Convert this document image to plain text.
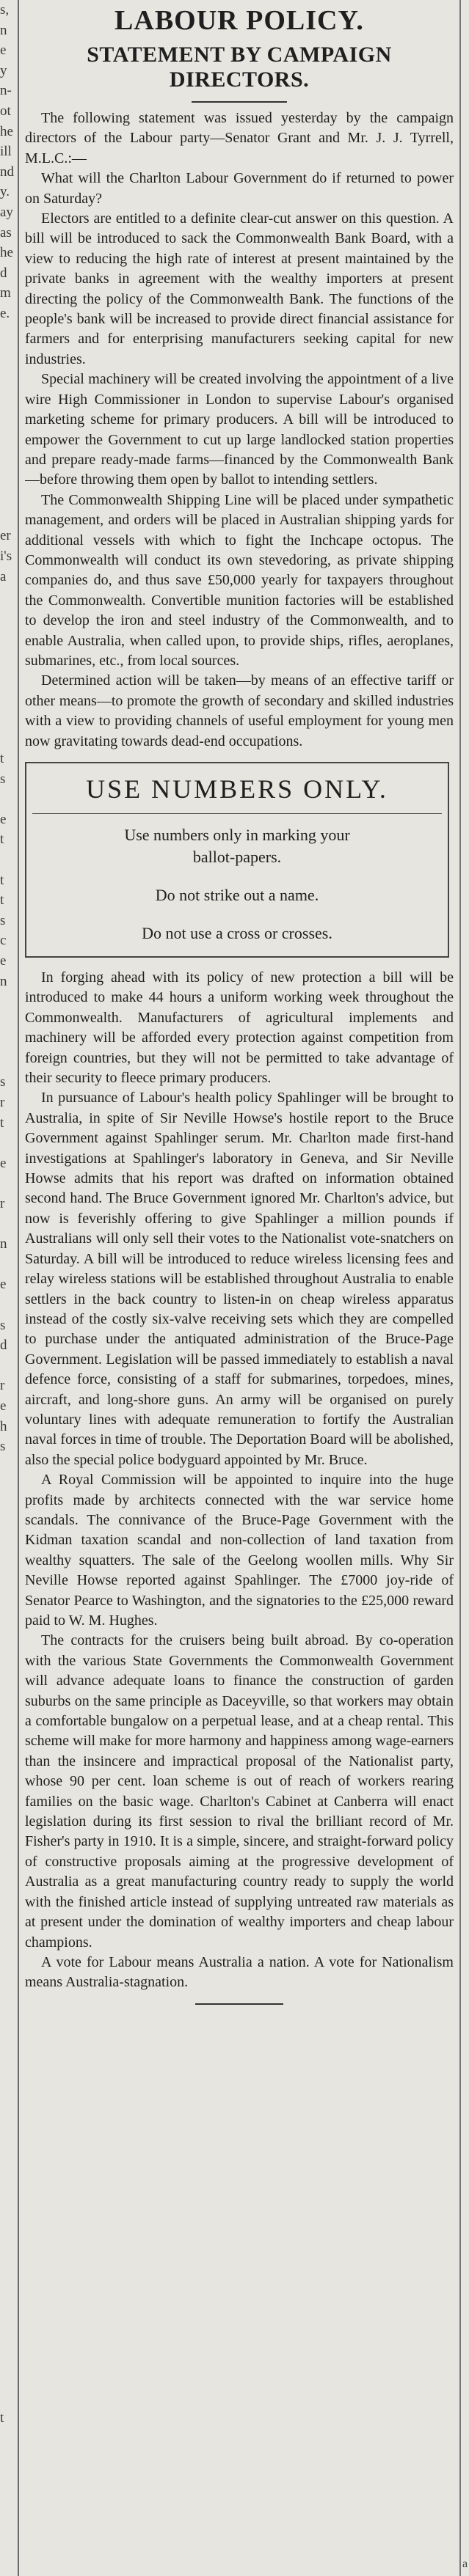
s,
n
e
y
n-
ot
he
ill
nd
y.
ay
as
he
d
m
e.
er
i's
a
t
s
e
t
t
t
s
c
e
n
s
r
t
e
r
n
e
s
d
r
e
h
s
t
a
LABOUR POLICY.
STATEMENT BY CAMPAIGN DIRECTORS.

The following statement was issued yesterday by the campaign directors of the Labour party—Senator Grant and Mr. J. J. Tyrrell, M.L.C.:—

What will the Charlton Labour Government do if returned to power on Saturday?

Electors are entitled to a definite clear-cut answer on this question. A bill will be introduced to sack the Commonwealth Bank Board, with a view to reducing the high rate of interest at present maintained by the private banks in agreement with the wealthy importers at present directing the policy of the Commonwealth Bank. The functions of the people's bank will be increased to provide direct financial assistance for farmers and for enterprising manufacturers seeking capital for new industries.

Special machinery will be created involving the appointment of a live wire High Commissioner in London to supervise Labour's organised marketing scheme for primary producers. A bill will be introduced to empower the Government to cut up large landlocked station properties and prepare ready-made farms—financed by the Commonwealth Bank—before throwing them open by ballot to intending settlers.

The Commonwealth Shipping Line will be placed under sympathetic management, and orders will be placed in Australian shipping yards for additional vessels with which to fight the Inchcape octopus. The Commonwealth will conduct its own stevedoring, as private shipping companies do, and thus save £50,000 yearly for taxpayers throughout the Commonwealth. Convertible munition factories will be established to develop the iron and steel industry of the Commonwealth, and to enable Australia, when called upon, to provide ships, rifles, aeroplanes, submarines, etc., from local sources.

Determined action will be taken—by means of an effective tariff or other means—to promote the growth of secondary and skilled industries with a view to providing channels of useful employment for young men now gravitating towards dead-end occupations.

USE NUMBERS ONLY.
Use numbers only in marking your
ballot-papers.
Do not strike out a name.
Do not use a cross or crosses.

In forging ahead with its policy of new protection a bill will be introduced to make 44 hours a uniform working week throughout the Commonwealth. Manufacturers of agricultural implements and machinery will be afforded every protection against competition from foreign countries, but they will not be permitted to take advantage of their security to fleece primary producers.

In pursuance of Labour's health policy Spahlinger will be brought to Australia, in spite of Sir Neville Howse's hostile report to the Bruce Government against Spahlinger serum. Mr. Charlton made first-hand investigations at Spahlinger's laboratory in Geneva, and Sir Neville Howse admits that his report was drafted on information obtained second hand. The Bruce Government ignored Mr. Charlton's advice, but now is feverishly offering to give Spahlinger a million pounds if Australians will only sell their votes to the Nationalist vote-snatchers on Saturday. A bill will be introduced to reduce wireless licensing fees and relay wireless stations will be established throughout Australia to enable settlers in the back country to listen-in on cheap wireless apparatus instead of the costly six-valve receiving sets which they are compelled to purchase under the antiquated administration of the Bruce-Page Government. Legislation will be passed immediately to establish a naval defence force, consisting of a staff for submarines, torpedoes, mines, aircraft, and long-shore guns. An army will be organised on purely voluntary lines with adequate remuneration to fortify the Australian naval forces in time of trouble. The Deportation Board will be abolished, also the special police bodyguard appointed by Mr. Bruce.

A Royal Commission will be appointed to inquire into the huge profits made by architects connected with the war service home scandals. The connivance of the Bruce-Page Government with the Kidman taxation scandal and non-collection of land taxation from wealthy squatters. The sale of the Geelong woollen mills. Why Sir Neville Howse reported against Spahlinger. The £7000 joy-ride of Senator Pearce to Washington, and the signatories to the £25,000 reward paid to W. M. Hughes.

The contracts for the cruisers being built abroad. By co-operation with the various State Governments the Commonwealth Government will advance adequate loans to finance the construction of garden suburbs on the same principle as Daceyville, so that workers may obtain a comfortable bungalow on a perpetual lease, and at a cheap rental. This scheme will make for more harmony and happiness among wage-earners than the insincere and impractical proposal of the Nationalist party, whose 90 per cent. loan scheme is out of reach of workers rearing families on the basic wage. Charlton's Cabinet at Canberra will enact legislation during its first session to rival the brilliant record of Mr. Fisher's party in 1910. It is a simple, sincere, and straight-forward policy of constructive proposals aiming at the progressive development of Australia as a great manufacturing country ready to supply the world with the finished article instead of supplying untreated raw materials as at present under the domination of wealthy importers and cheap labour champions.

A vote for Labour means Australia a nation. A vote for Nationalism means Australia-stagnation.
